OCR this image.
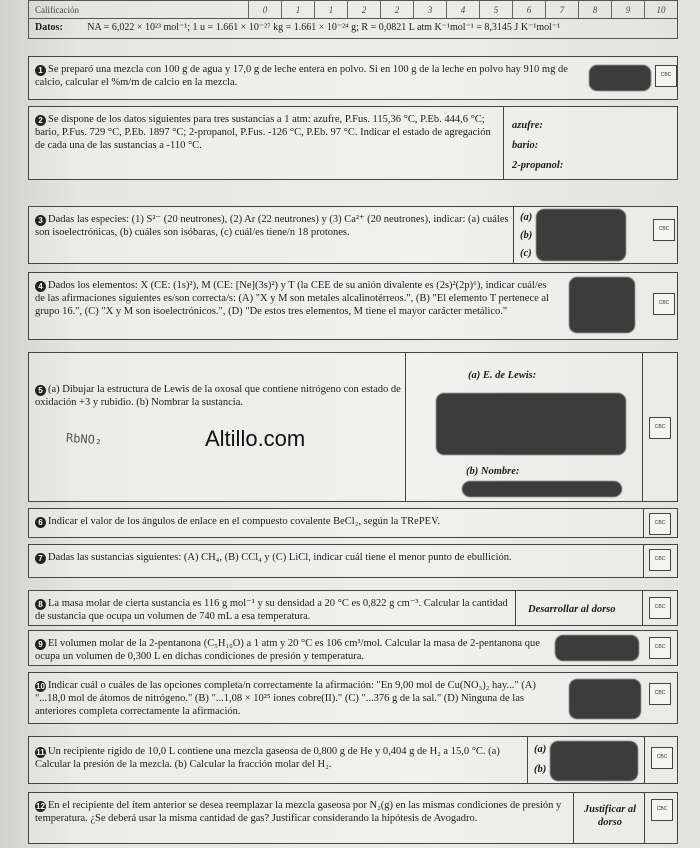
Calificación	0	1	1	2	2	3	4	5	6	7	8	9	10
Datos: NA = 6,022 × 10²³ mol⁻¹; 1 u = 1.661 × 10⁻²⁷ kg = 1.661 × 10⁻²⁴ g; R = 0,0821 L atm K⁻¹mol⁻¹ = 8,3145 J K⁻¹mol⁻¹
1 Se preparó una mezcla con 100 g de agua y 17,0 g de leche entera en polvo. Si en 100 g de la leche en polvo hay 910 mg de calcio, calcular el %m/m de calcio en la mezcla.
CBC
2 Se dispone de los datos siguientes para tres sustancias a 1 atm: azufre, P.Fus. 115,36 °C, P.Eb. 444,6 °C; bario, P.Fus. 729 °C, P.Eb. 1897 °C; 2-propanol, P.Fus. -126 °C, P.Eb. 97 °C. Indicar el estado de agregación de cada una de las sustancias a -110 °C.
azufre:
bario:
2-propanol:
3 Dadas las especies: (1) S²⁻ (20 neutrones), (2) Ar (22 neutrones) y (3) Ca²⁺ (20 neutrones), indicar: (a) cuáles son isoelectrónicas, (b) cuáles son isóbaras, (c) cuál/es tiene/n 18 protones.
(a)
(b)
(c)
CBC
4 Dados los elementos: X (CE: (1s)²), M (CE: [Ne](3s)²) y T (la CEE de su anión divalente es (2s)²(2p)⁶), indicar cuál/es de las afirmaciones siguientes es/son correcta/s: (A) "X y M son metales alcalinotérreos.", (B) "El elemento T pertenece al grupo 16.", (C) "X y M son isoelectrónicos.", (D) "De estos tres elementos, M tiene el mayor carácter metálico."
CBC
5 (a) Dibujar la estructura de Lewis de la oxosal que contiene nitrógeno con estado de oxidación +3 y rubidio. (b) Nombrar la sustancia.
(a) E. de Lewis:
(b) Nombre:
CBC
RbNO₂	Altillo.com
6 Indicar el valor de los ángulos de enlace en el compuesto covalente BeCl₂, según la TRePEV.	CBC
7 Dadas las sustancias siguientes: (A) CH₄, (B) CCl₄ y (C) LiCl, indicar cuál tiene el menor punto de ebullición.	CBC
8 La masa molar de cierta sustancia es 116 g mol⁻¹ y su densidad a 20 °C es 0,822 g cm⁻³. Calcular la cantidad de sustancia que ocupa un volumen de 740 mL a esa temperatura.
Desarrollar al dorso	CBC
9 El volumen molar de la 2-pentanona (C₅H₁₀O) a 1 atm y 20 °C es 106 cm³/mol. Calcular la masa de 2-pentanona que ocupa un volumen de 0,300 L en dichas condiciones de presión y temperatura.
CBC
10 Indicar cuál o cuáles de las opciones completa/n correctamente la afirmación: "En 9,00 mol de Cu(NO₃)₂ hay..." (A) "...18,0 mol de átomos de nitrógeno." (B) "...1,08 × 10²⁵ iones cobre(II)." (C) "...376 g de la sal." (D) Ninguna de las anteriores completa correctamente la afirmación.
CBC
11 Un recipiente rígido de 10,0 L contiene una mezcla gaseosa de 0,800 g de He y 0,404 g de H₂ a 15,0 °C. (a) Calcular la presión de la mezcla. (b) Calcular la fracción molar del H₂.
(a)
(b)
CBC
12 En el recipiente del ítem anterior se desea reemplazar la mezcla gaseosa por N₂(g) en las mismas condiciones de presión y temperatura. ¿Se deberá usar la misma cantidad de gas? Justificar considerando la hipótesis de Avogadro.
Justificar al dorso
CBC
